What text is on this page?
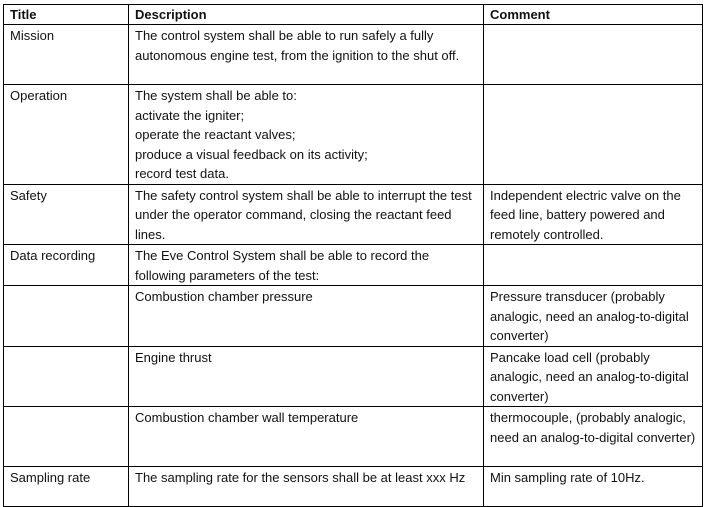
Title	Description	Comment
Mission	The control system shall be able to run safely a fully autonomous engine test, from the ignition to the shut off.	

Operation	The system shall be able to:
activate the igniter;
operate the reactant valves;
produce a visual feedback on its activity;
record test data.	

Safety	The safety control system shall be able to interrupt the test under the operator command, closing the reactant feed lines.	Independent electric valve on the feed line, battery powered and remotely controlled.
Data recording	The Eve Control System shall be able to record the following parameters of the test:	

	Combustion chamber pressure	Pressure transducer (probably analogic, need an analog-to-digital converter)

	Engine thrust	Pancake load cell (probably analogic, need an analog-to-digital converter)

	Combustion chamber wall temperature	thermocouple, (probably analogic, need an analog-to-digital converter)
Sampling rate	The sampling rate for the sensors shall be at least xxx Hz	Min sampling rate of 10Hz.
